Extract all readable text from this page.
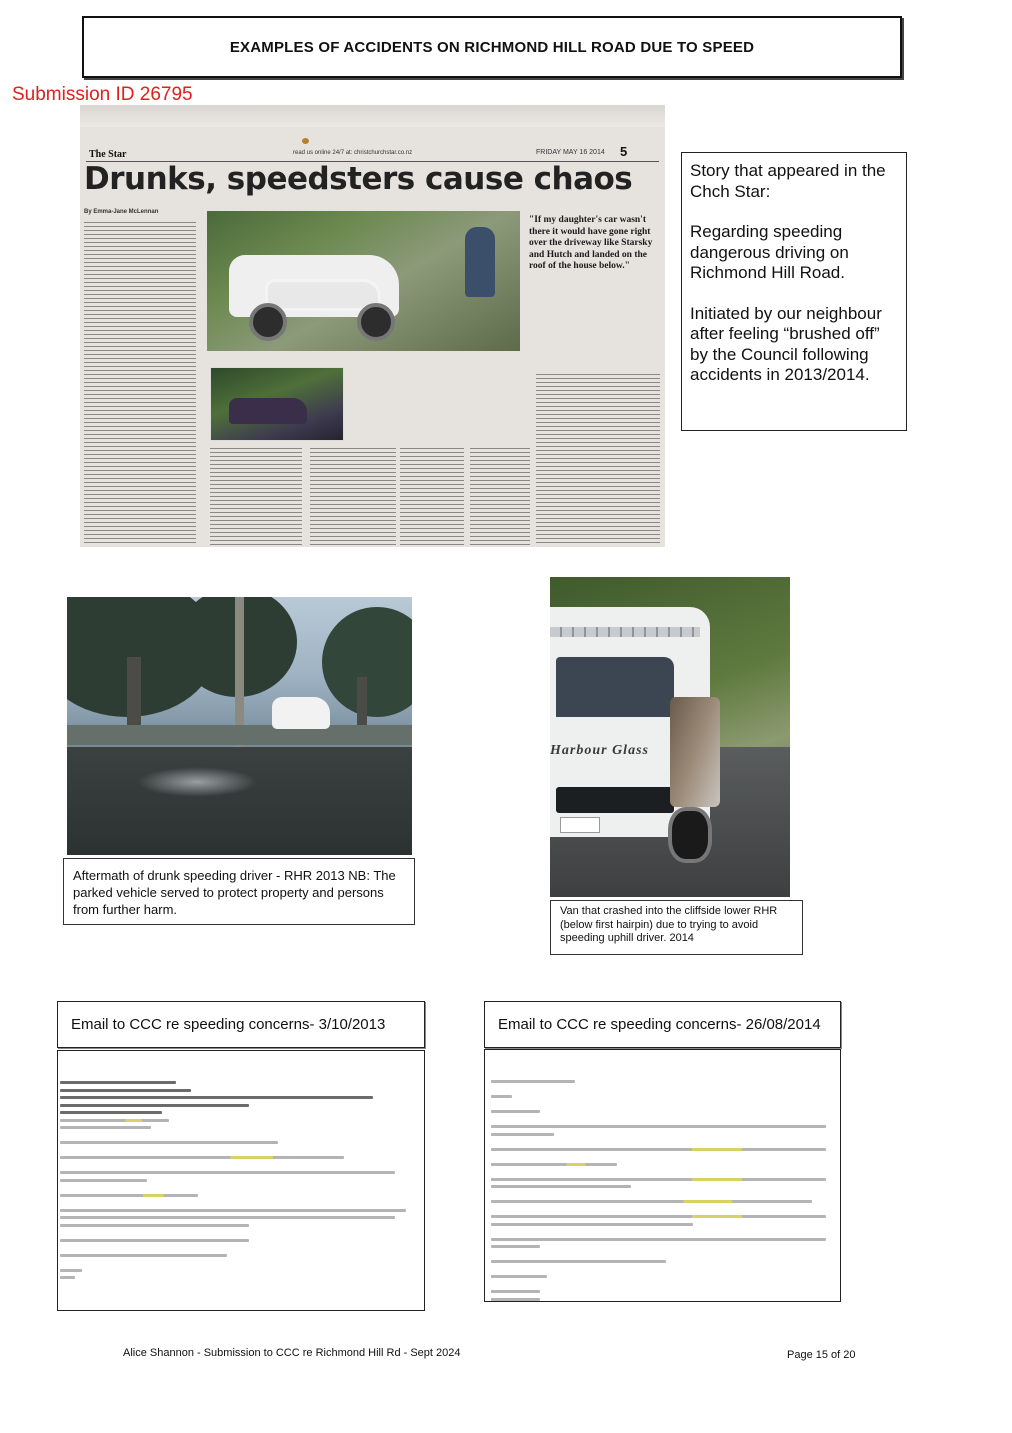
EXAMPLES OF ACCIDENTS ON RICHMOND HILL ROAD DUE TO SPEED
Submission ID 26795
The Star	read us online 24/7 at: christchurchstar.co.nz	FRIDAY MAY 16 2014 5
Drunks, speedsters cause chaos
By Emma-Jane McLennan
"If my daughter's car wasn't there it would have gone right over the driveway like Starsky and Hutch and landed on the roof of the house below."

Story that appeared in the Chch Star:

Regarding speeding dangerous driving on Richmond Hill Road.

Initiated by our neighbour after feeling “brushed off” by the Council following accidents in 2013/2014.

Aftermath of drunk speeding driver - RHR 2013 NB: The parked vehicle served to protect property and persons from further harm.
Harbour Glass
Van that crashed into the cliffside lower RHR (below first hairpin) due to trying to avoid speeding uphill driver. 2014
Email to CCC re speeding concerns- 3/10/2013	Email to CCC re speeding concerns- 26/08/2014
Alice Shannon - Submission to CCC re Richmond Hill Rd - Sept 2024	Page 15 of 20
